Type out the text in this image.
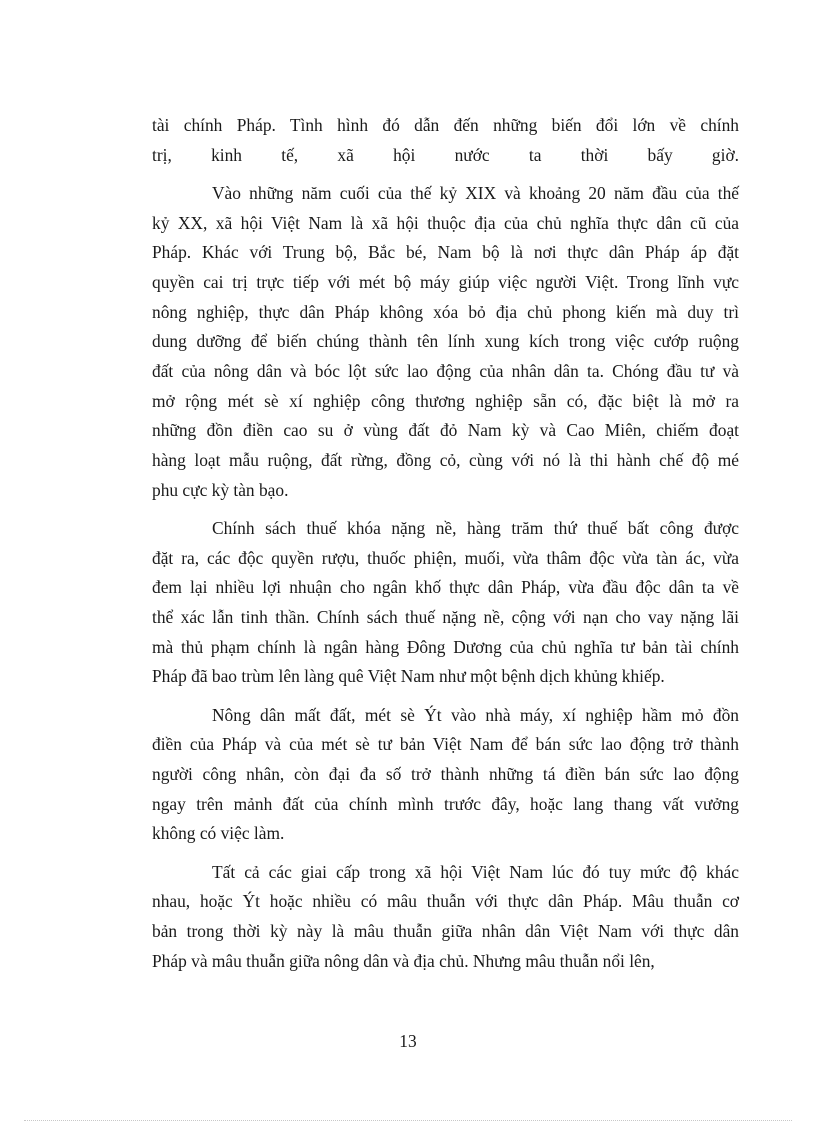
tài chính Pháp. Tình hình đó dẫn đến những biến đổi lớn về chính
trị, kinh tế, xã hội nước ta thời bấy giờ.
Vào những năm cuối của thế kỷ XIX và khoảng 20 năm đầu của thế
kỷ XX, xã hội Việt Nam là xã hội thuộc địa của chủ nghĩa thực dân cũ của
Pháp. Khác với Trung bộ, Bắc bé, Nam bộ là nơi thực dân Pháp áp đặt
quyền cai trị trực tiếp với mét bộ máy giúp việc người Việt. Trong lĩnh vực
nông nghiệp, thực dân Pháp không xóa bỏ địa chủ phong kiến mà duy trì
dung dưỡng để biến chúng thành tên lính xung kích trong việc cướp ruộng
đất của nông dân và bóc lột sức lao động của nhân dân ta. Chóng đầu tư và
mở rộng mét sè xí nghiệp công thương nghiệp sẵn có, đặc biệt là mở ra
những đồn điền cao su ở vùng đất đỏ Nam kỳ và Cao Miên, chiếm đoạt
hàng loạt mẫu ruộng, đất rừng, đồng cỏ, cùng với nó là thi hành chế độ mé
phu cực kỳ tàn bạo.
Chính sách thuế khóa nặng nề, hàng trăm thứ thuế bất công được
đặt ra, các độc quyền rượu, thuốc phiện, muối, vừa thâm độc vừa tàn ác, vừa
đem lại nhiều lợi nhuận cho ngân khố thực dân Pháp, vừa đầu độc dân ta về
thể xác lẫn tinh thần. Chính sách thuế nặng nề, cộng với nạn cho vay nặng lãi
mà thủ phạm chính là ngân hàng Đông Dương của chủ nghĩa tư bản tài chính
Pháp đã bao trùm lên làng quê Việt Nam như một bệnh dịch khủng khiếp.
Nông dân mất đất, mét sè Ýt vào nhà máy, xí nghiệp hầm mỏ đồn
điền của Pháp và của mét sè tư bản Việt Nam để bán sức lao động trở thành
người công nhân, còn đại đa số trở thành những tá điền bán sức lao động
ngay trên mảnh đất của chính mình trước đây, hoặc lang thang vất vưởng
không có việc làm.
Tất cả các giai cấp trong xã hội Việt Nam lúc đó tuy mức độ khác
nhau, hoặc Ýt hoặc nhiều có mâu thuẫn với thực dân Pháp. Mâu thuẫn cơ
bản trong thời kỳ này là mâu thuẫn giữa nhân dân Việt Nam với thực dân
Pháp và mâu thuẫn giữa nông dân và địa chủ. Nhưng mâu thuẫn nổi lên,
13
